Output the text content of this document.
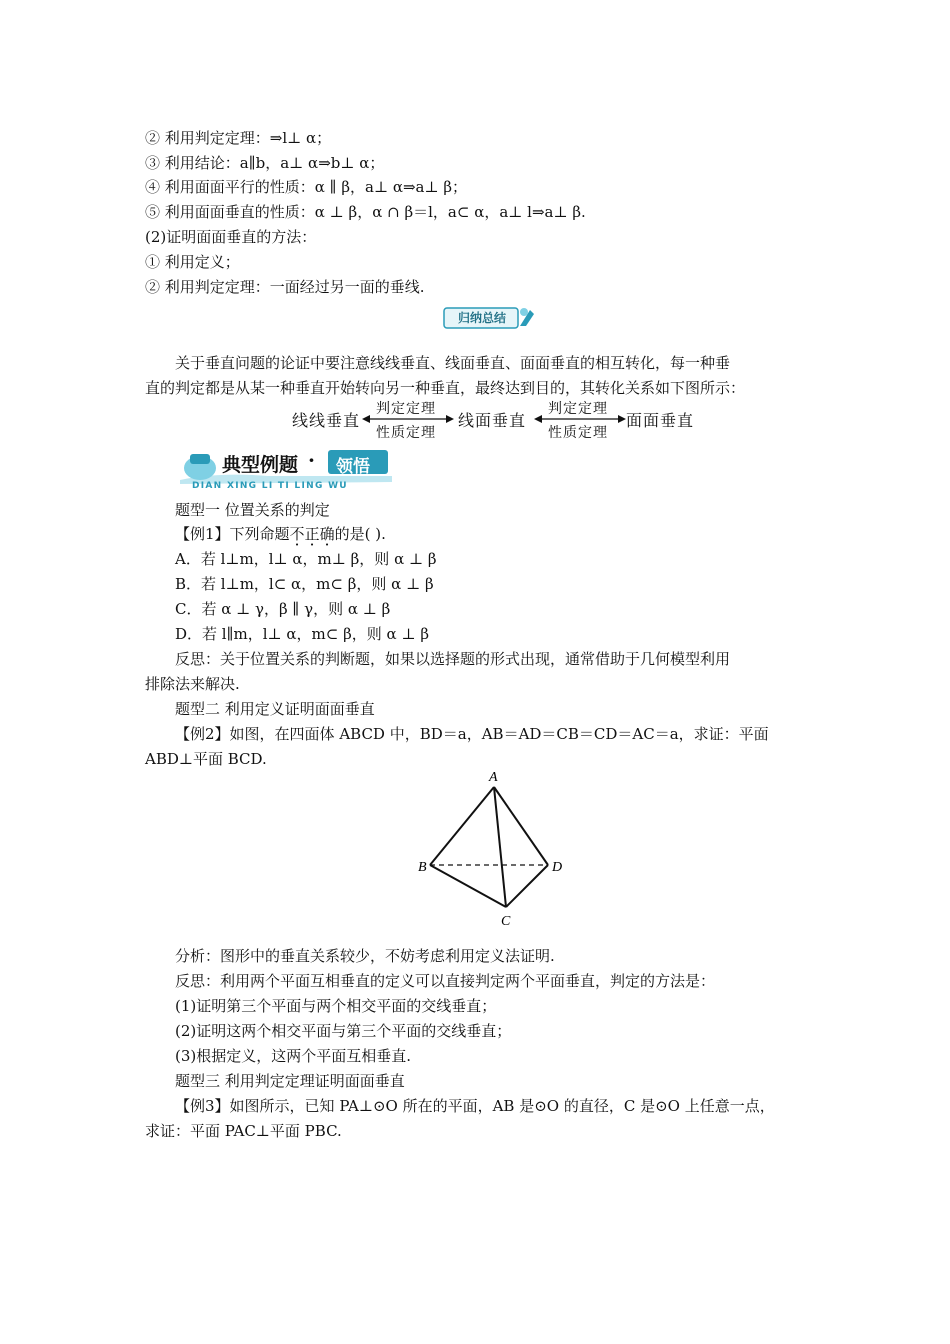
② 利用判定定理：⇒l⊥ α；
③ 利用结论：a∥b，a⊥ α⇒b⊥ α；
④ 利用面面平行的性质：α ∥ β，a⊥ α⇒a⊥ β；
⑤ 利用面面垂直的性质：α ⊥ β，α ∩ β＝l，a⊂ α，a⊥ l⇒a⊥ β.
(2)证明面面垂直的方法：
① 利用定义；
② 利用判定定理：一面经过另一面的垂线.
归纳总结
关于垂直问题的论证中要注意线线垂直、线面垂直、面面垂直的相互转化，每一种垂
直的判定都是从某一种垂直开始转向另一种垂直，最终达到目的，其转化关系如下图所示：
线线垂直
判定定理
性质定理
线面垂直
判定定理
性质定理
面面垂直
典型例题 · 领悟
DIAN XING LI TI LING WU
题型一 位置关系的判定
【例1】下列命题不正确的是( ).
A．若 l⊥m，l⊥ α，m⊥ β，则 α ⊥ β
B．若 l⊥m，l⊂ α，m⊂ β，则 α ⊥ β
C．若 α ⊥ γ，β ∥ γ，则 α ⊥ β
D．若 l∥m，l⊥ α，m⊂ β，则 α ⊥ β
反思：关于位置关系的判断题，如果以选择题的形式出现，通常借助于几何模型利用
排除法来解决.
题型二 利用定义证明面面垂直
【例2】如图，在四面体 ABCD 中，BD＝a，AB＝AD＝CB＝CD＝AC＝a，求证：平面
ABD⊥平面 BCD.
A
B	D
C
分析：图形中的垂直关系较少，不妨考虑利用定义法证明.
反思：利用两个平面互相垂直的定义可以直接判定两个平面垂直，判定的方法是：
(1)证明第三个平面与两个相交平面的交线垂直；
(2)证明这两个相交平面与第三个平面的交线垂直；
(3)根据定义，这两个平面互相垂直.
题型三 利用判定定理证明面面垂直
【例3】如图所示，已知 PA⊥⊙O 所在的平面，AB 是⊙O 的直径，C 是⊙O 上任意一点，
求证：平面 PAC⊥平面 PBC.
